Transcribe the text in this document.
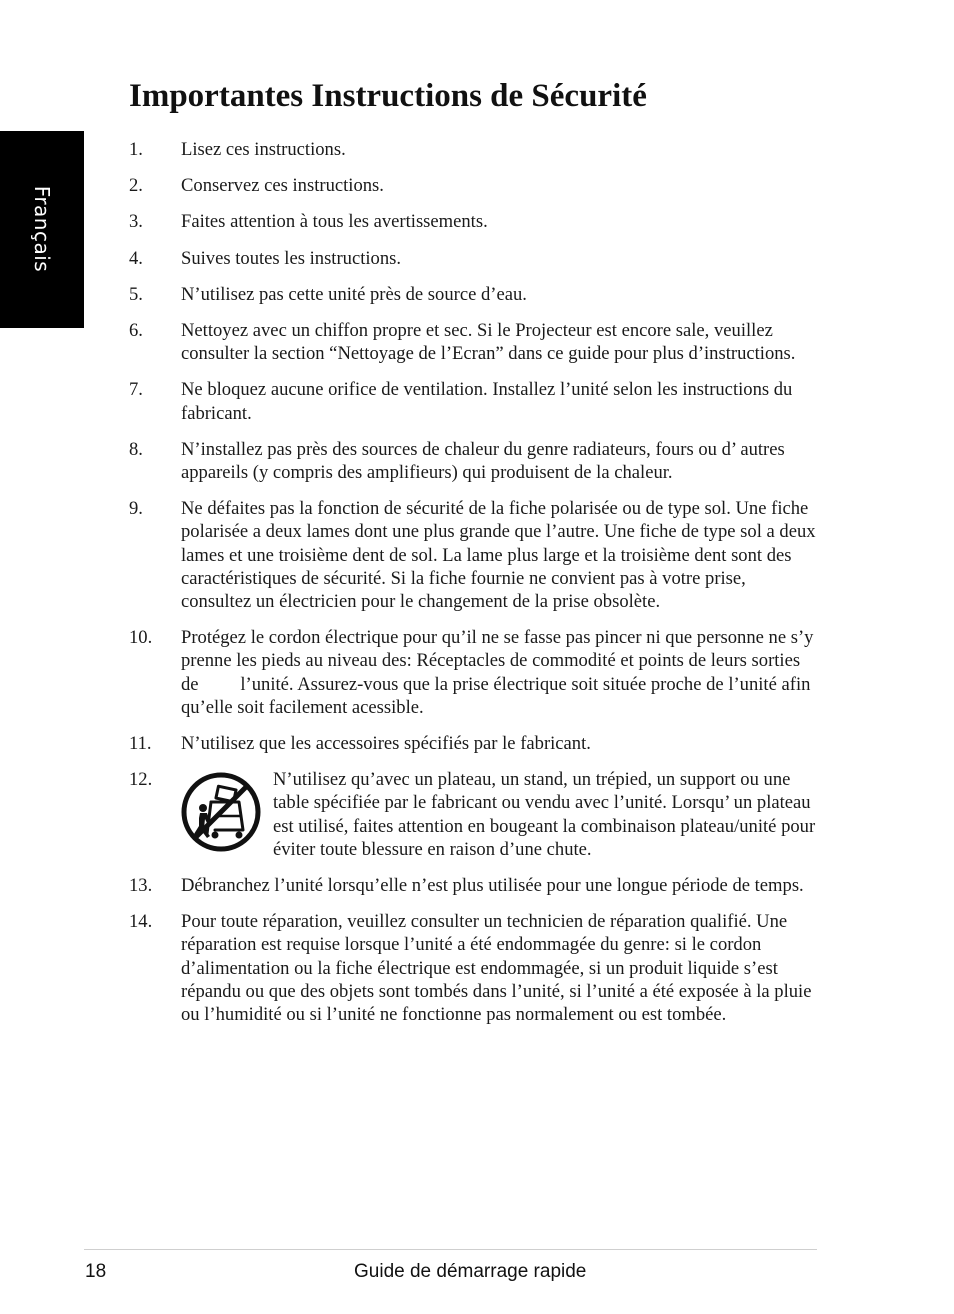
Français
Importantes Instructions de Sécurité
1. Lisez ces instructions.
2. Conservez ces instructions.
3. Faites attention à tous les avertissements.
4. Suives toutes les instructions.
5. N’utilisez pas cette unité près de source d’eau.
6. Nettoyez avec un chiffon propre et sec. Si le Projecteur est encore sale, veuillez consulter la section “Nettoyage de l’Ecran” dans ce guide pour plus d’instructions.
7. Ne bloquez aucune orifice de ventilation. Installez l’unité selon les instructions du fabricant.
8. N’installez pas près des sources de chaleur du genre radiateurs, fours ou d’ autres appareils (y compris des amplifieurs) qui produisent de la chaleur.
9. Ne défaites pas la fonction de sécurité de la fiche polarisée ou de type sol. Une fiche polarisée a deux lames dont une plus grande que l’autre. Une fiche de type sol a deux lames et une troisième dent de sol. La lame plus large et la troisième dent sont des caractéristiques de sécurité. Si la fiche fournie ne convient pas à votre prise, consultez un électricien pour le changement de la prise obsolète.
10. Protégez le cordon électrique pour qu’il ne se fasse pas pincer ni que personne ne s’y prenne les pieds au niveau des: Réceptacles de commodité et points de leurs sorties de         l’unité. Assurez-vous que la prise électrique soit située proche de l’unité afin qu’elle soit facilement acessible.
11. N’utilisez que les accessoires spécifiés par le fabricant.
12.	N’utilisez qu’avec un plateau, un stand, un trépied, un support ou une table spécifiée par le fabricant ou vendu avec l’unité. Lorsqu’ un plateau est utilisé, faites attention en bougeant la combinaison plateau/unité pour éviter toute blessure en raison d’une chute.
13. Débranchez l’unité lorsqu’elle n’est plus utilisée pour une longue période de temps.
14. Pour toute réparation, veuillez consulter un technicien de réparation qualifié. Une réparation est requise lorsque l’unité a été endommagée du genre: si le cordon d’alimentation ou la fiche électrique est endommagée, si un produit liquide s’est répandu ou que des objets sont tombés dans l’unité, si l’unité a été exposée à la pluie ou l’humidité ou si l’unité ne fonctionne pas normalement ou est tombée.
18	Guide de démarrage rapide
